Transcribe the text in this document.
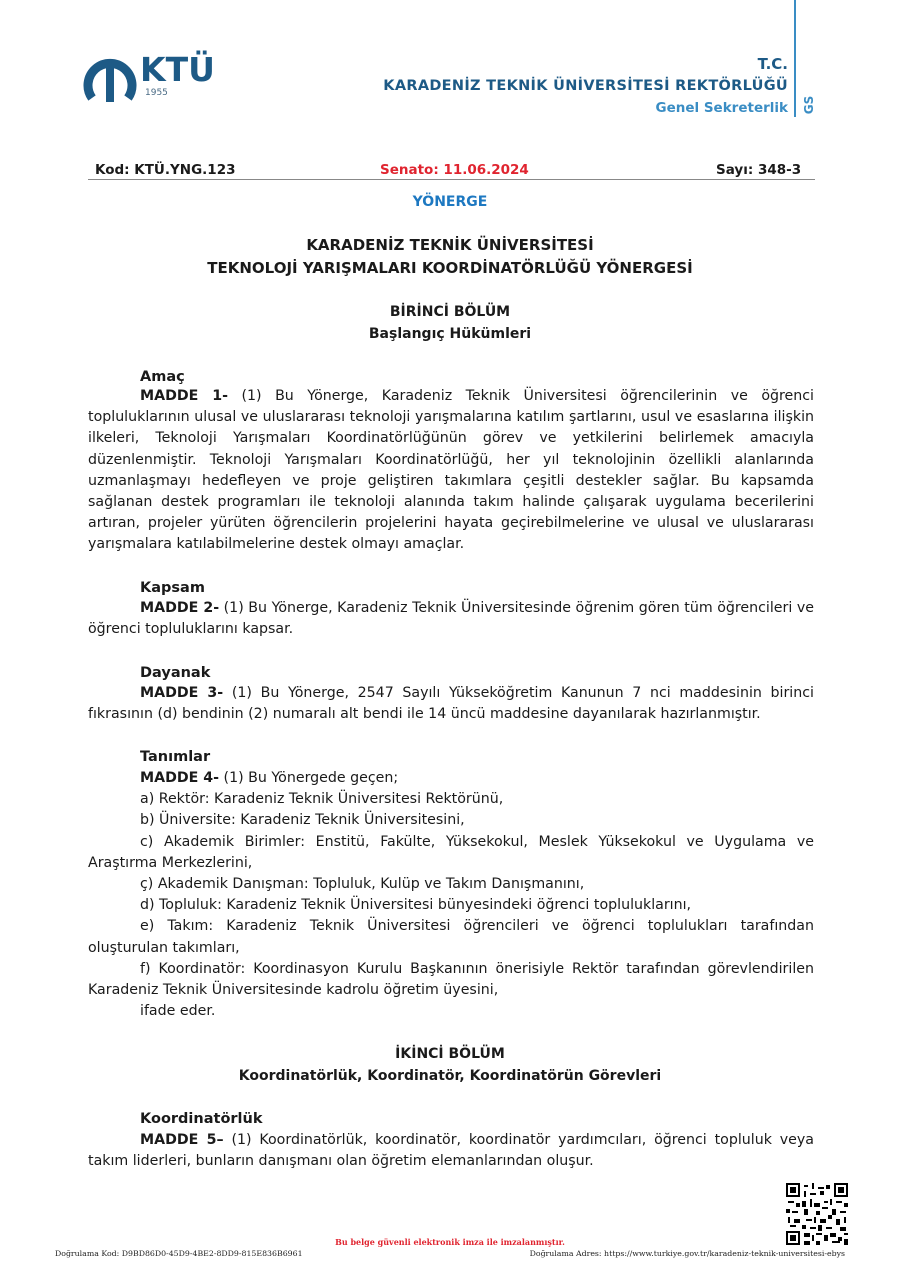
KTÜ
1955
T.C.
KARADENİZ TEKNİK ÜNİVERSİTESİ REKTÖRLÜĞÜ
Genel Sekreterlik	GS
Kod: KTÜ.YNG.123	Senato: 11.06.2024	Sayı: 348-3
YÖNERGE
KARADENİZ TEKNİK ÜNİVERSİTESİ
TEKNOLOJİ YARIŞMALARI KOORDİNATÖRLÜĞÜ YÖNERGESİ
BİRİNCİ BÖLÜM
Başlangıç Hükümleri
Amaç

MADDE 1- (1) Bu Yönerge, Karadeniz Teknik Üniversitesi öğrencilerinin ve öğrenci topluluklarının ulusal ve uluslararası teknoloji yarışmalarına katılım şartlarını, usul ve esaslarına ilişkin ilkeleri, Teknoloji Yarışmaları Koordinatörlüğünün görev ve yetkilerini belirlemek amacıyla düzenlenmiştir. Teknoloji Yarışmaları Koordinatörlüğü, her yıl teknolojinin özellikli alanlarında uzmanlaşmayı hedefleyen ve proje geliştiren takımlara çeşitli destekler sağlar. Bu kapsamda sağlanan destek programları ile teknoloji alanında takım halinde çalışarak uygulama becerilerini artıran, projeler yürüten öğrencilerin projelerini hayata geçirebilmelerine ve ulusal ve uluslararası yarışmalara katılabilmelerine destek olmayı amaçlar.

Kapsam

MADDE 2- (1) Bu Yönerge, Karadeniz Teknik Üniversitesinde öğrenim gören tüm öğrencileri ve öğrenci topluluklarını kapsar.

Dayanak

MADDE 3- (1) Bu Yönerge, 2547 Sayılı Yükseköğretim Kanunun 7 nci maddesinin birinci fıkrasının (d) bendinin (2) numaralı alt bendi ile 14 üncü maddesine dayanılarak hazırlanmıştır.

Tanımlar

MADDE 4- (1) Bu Yönergede geçen;

a) Rektör: Karadeniz Teknik Üniversitesi Rektörünü,

b) Üniversite: Karadeniz Teknik Üniversitesini,

c) Akademik Birimler: Enstitü, Fakülte, Yüksekokul, Meslek Yüksekokul ve Uygulama ve Araştırma Merkezlerini,

ç) Akademik Danışman: Topluluk, Kulüp ve Takım Danışmanını,

d) Topluluk: Karadeniz Teknik Üniversitesi bünyesindeki öğrenci topluluklarını,

e) Takım: Karadeniz Teknik Üniversitesi öğrencileri ve öğrenci toplulukları tarafından oluşturulan takımları,

f) Koordinatör: Koordinasyon Kurulu Başkanının önerisiyle Rektör tarafından görevlendirilen Karadeniz Teknik Üniversitesinde kadrolu öğretim üyesini,

ifade eder.

İKİNCİ BÖLÜM
Koordinatörlük, Koordinatör, Koordinatörün Görevleri
Koordinatörlük

MADDE 5– (1) Koordinatörlük, koordinatör, koordinatör yardımcıları, öğrenci topluluk veya takım liderleri, bunların danışmanı olan öğretim elemanlarından oluşur.

Bu belge güvenli elektronik imza ile imzalanmıştır.
Doğrulama Kod: D9BD86D0-45D9-4BE2-8DD9-815E836B6961	Doğrulama Adres: https://www.turkiye.gov.tr/karadeniz-teknik-universitesi-ebys
